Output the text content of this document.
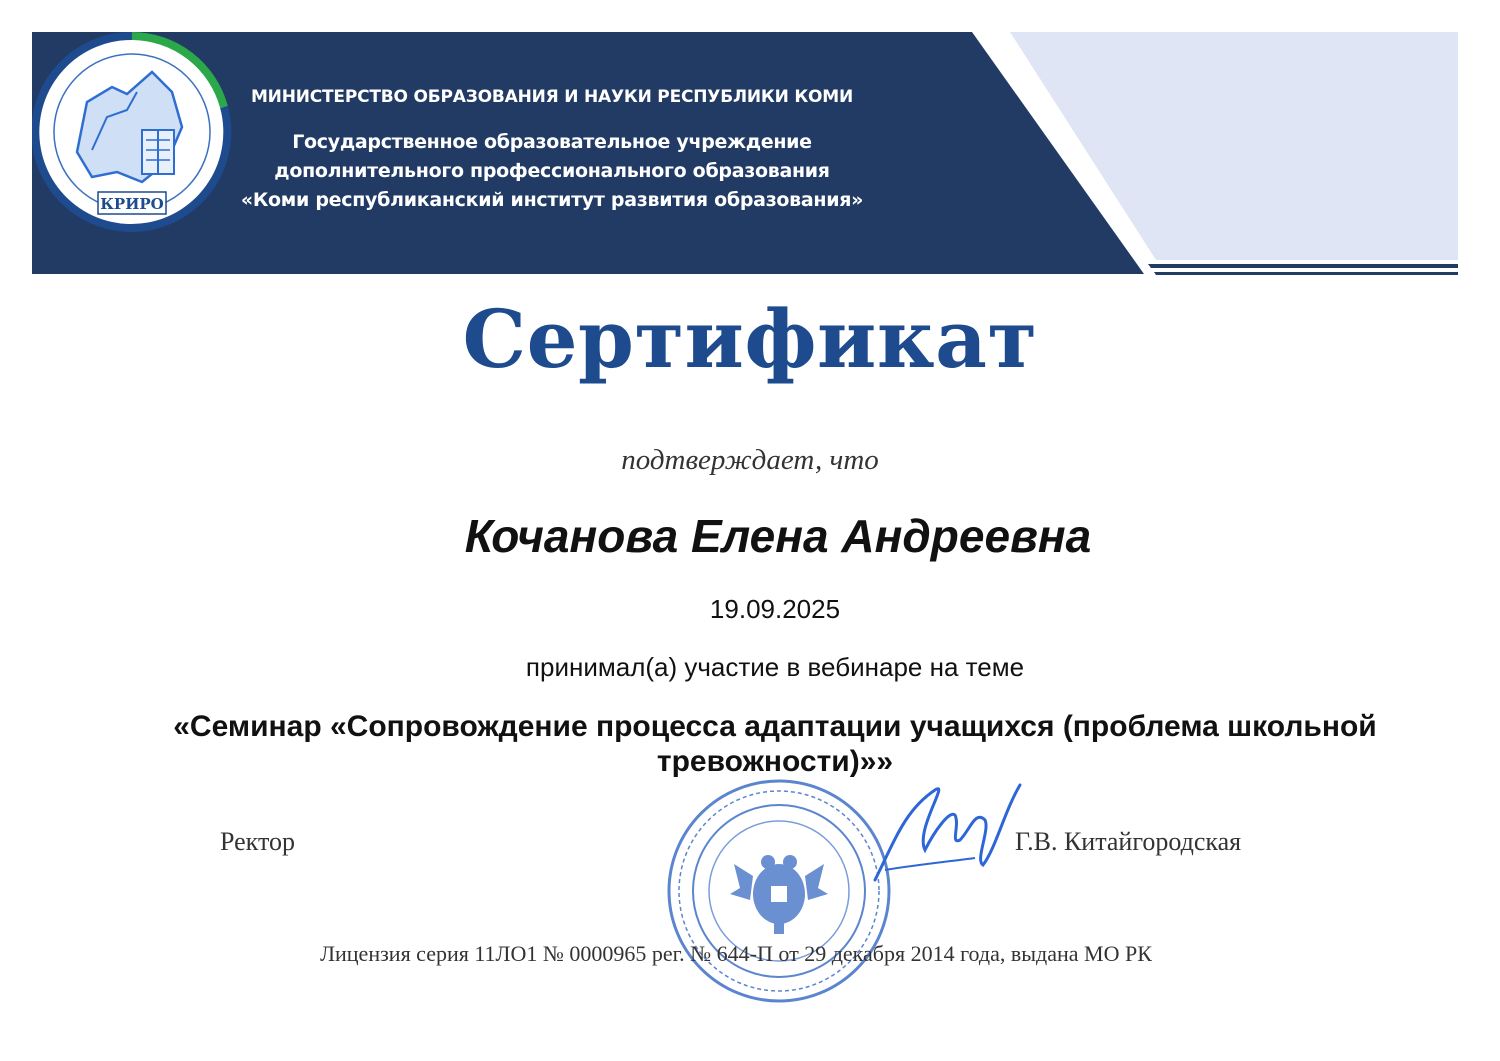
МИНИСТЕРСТВО ОБРАЗОВАНИЯ И НАУКИ РЕСПУБЛИКИ КОМИ
Государственное образовательное учреждение
дополнительного профессионального образования
«Коми республиканский институт развития образования»
КРИРО
Сертификат
подтверждает, что
Кочанова Елена Андреевна
19.09.2025
принимал(а) участие в вебинаре на теме
«Семинар «Сопровождение процесса адаптации учащихся (проблема школьной тревожности)»»
Ректор	Г.В. Китайгородская
Лицензия серия 11ЛО1 № 0000965 рег. № 644-П от 29 декабря 2014 года, выдана МО РК
